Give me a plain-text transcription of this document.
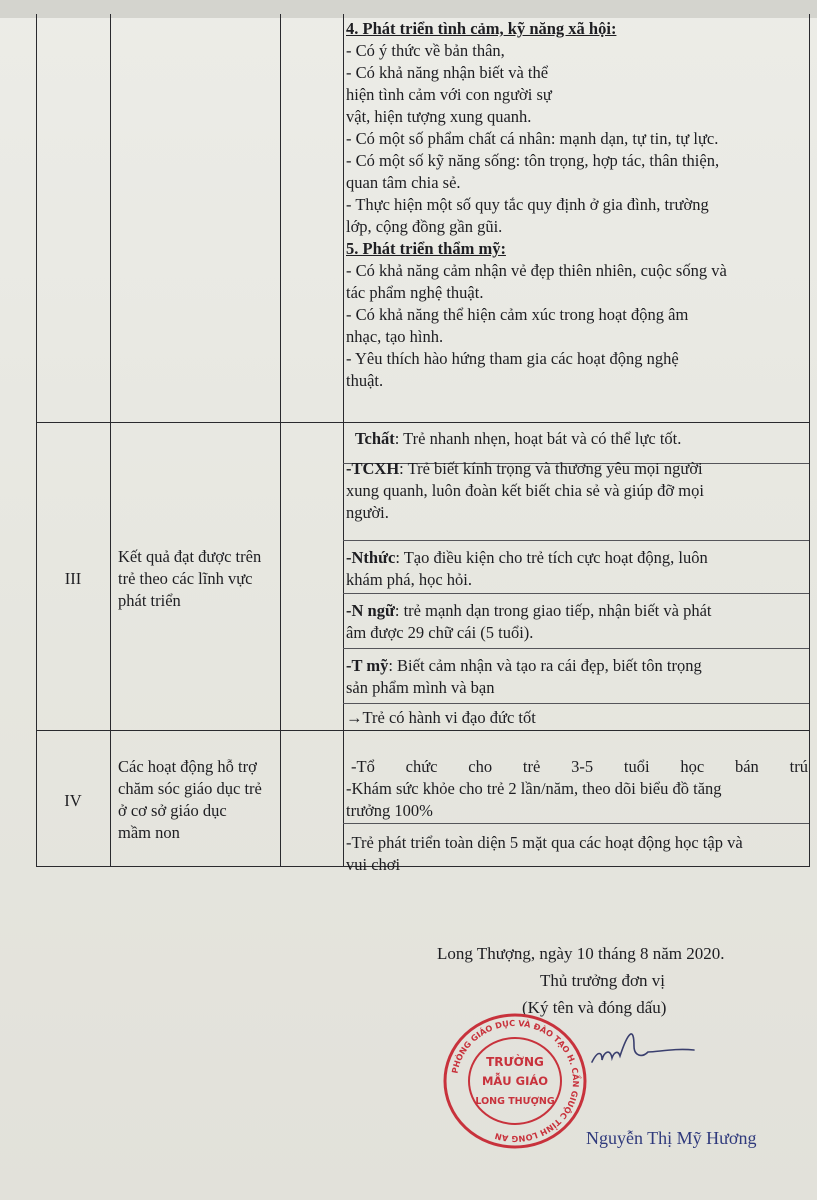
4. Phát triển tình cảm, kỹ năng xã hội:

- Có ý thức về bản thân,

- Có khả năng nhận biết và thể

hiện tình cảm với con người sự

vật, hiện tượng xung quanh.

- Có một số phẩm chất cá nhân: mạnh dạn, tự tin, tự lực.

- Có một số kỹ năng sống: tôn trọng, hợp tác, thân thiện,

quan tâm chia sẻ.

- Thực hiện một số quy tắc quy định ở gia đình, trường

lớp, cộng đồng gần gũi.

5. Phát triển thẩm mỹ:

- Có khả năng cảm nhận vẻ đẹp thiên nhiên, cuộc sống và

tác phẩm nghệ thuật.

- Có khả năng thể hiện cảm xúc trong hoạt động âm

nhạc, tạo hình.

- Yêu thích hào hứng tham gia các hoạt động nghệ

thuật.

III

Kết quả đạt được trên

trẻ theo các lĩnh vực

phát triển

Tchất: Trẻ nhanh nhẹn, hoạt bát và có thể lực tốt.

-TCXH: Trẻ biết kính trọng và thương yêu mọi người

xung quanh, luôn đoàn kết biết chia sẻ và giúp đỡ mọi

người.

-Nthức: Tạo điều kiện cho trẻ tích cực hoạt động, luôn

khám phá, học hỏi.

-N ngữ: trẻ mạnh dạn trong giao tiếp, nhận biết và phát

âm được 29 chữ cái (5 tuổi).

-T mỹ: Biết cảm nhận và tạo ra cái đẹp, biết tôn trọng

sản phẩm mình và bạn

→Trẻ có hành vi đạo đức tốt

IV

Các hoạt động hỗ trợ

chăm sóc giáo dục trẻ

ở cơ sở giáo dục

mầm non

-Tổ chức cho trẻ 3-5 tuổi học bán trú

-Khám sức khỏe cho trẻ 2 lần/năm, theo dõi biểu đồ tăng

trưởng 100%

-Trẻ phát triển toàn diện 5 mặt qua các hoạt động học tập và

vui chơi

Long Thượng, ngày 10 tháng 8 năm 2020.
Thủ trưởng đơn vị
(Ký tên và đóng dấu)
PHÒNG GIÁO DỤC VÀ ĐÀO TẠO H. CẦN GIUỘC TỈNH LONG AN
TRƯỜNG
MẪU GIÁO
LONG THƯỢNG
Nguyễn Thị Mỹ Hương
